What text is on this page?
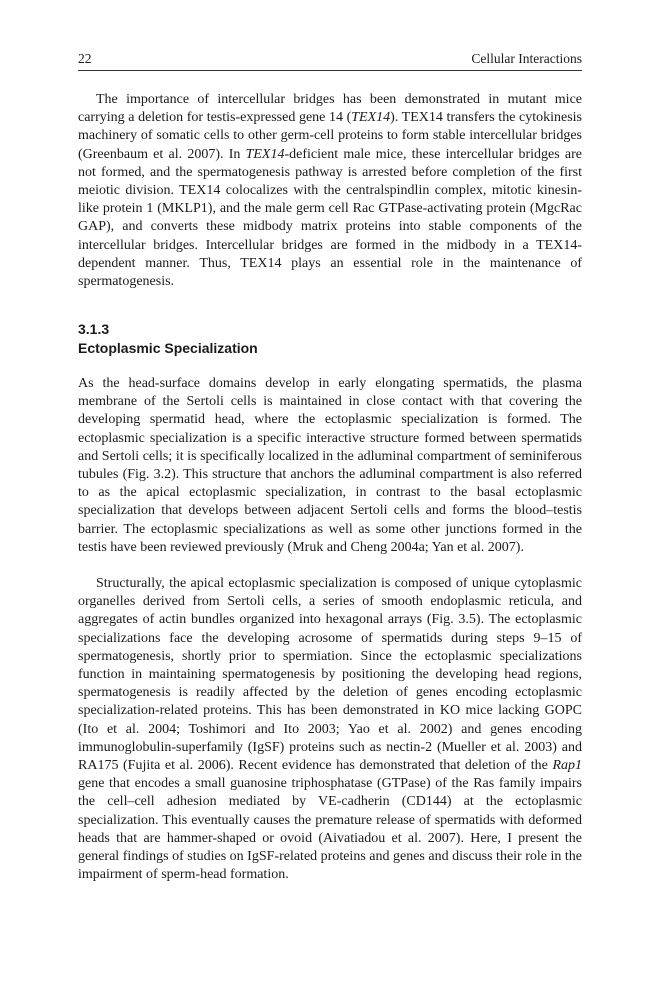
22	Cellular Interactions

The importance of intercellular bridges has been demonstrated in mutant mice carrying a deletion for testis-expressed gene 14 (TEX14). TEX14 transfers the cytokinesis machinery of somatic cells to other germ-cell proteins to form stable intercellular bridges (Greenbaum et al. 2007). In TEX14-deficient male mice, these intercellular bridges are not formed, and the spermatogenesis pathway is arrested before completion of the first meiotic division. TEX14 colocalizes with the centralspindlin complex, mitotic kinesin-like protein 1 (MKLP1), and the male germ cell Rac GTPase-activating protein (MgcRac GAP), and converts these midbody matrix proteins into stable components of the intercellular bridges. Intercellular bridges are formed in the midbody in a TEX14-dependent manner. Thus, TEX14 plays an essential role in the maintenance of spermatogenesis.

3.1.3
Ectoplasmic Specialization

As the head-surface domains develop in early elongating spermatids, the plasma membrane of the Sertoli cells is maintained in close contact with that covering the developing spermatid head, where the ectoplasmic specialization is formed. The ectoplasmic specialization is a specific interactive structure formed between spermatids and Sertoli cells; it is specifically localized in the adluminal compartment of seminiferous tubules (Fig. 3.2). This structure that anchors the adluminal compartment is also referred to as the apical ectoplasmic specialization, in contrast to the basal ectoplasmic specialization that develops between adjacent Sertoli cells and forms the blood–testis barrier. The ectoplasmic specializations as well as some other junctions formed in the testis have been reviewed previously (Mruk and Cheng 2004a; Yan et al. 2007).

Structurally, the apical ectoplasmic specialization is composed of unique cytoplasmic organelles derived from Sertoli cells, a series of smooth endoplasmic reticula, and aggregates of actin bundles organized into hexagonal arrays (Fig. 3.5). The ectoplasmic specializations face the developing acrosome of spermatids during steps 9–15 of spermatogenesis, shortly prior to spermiation. Since the ectoplasmic specializations function in maintaining spermatogenesis by positioning the developing head regions, spermatogenesis is readily affected by the deletion of genes encoding ectoplasmic specialization-related proteins. This has been demonstrated in KO mice lacking GOPC (Ito et al. 2004; Toshimori and Ito 2003; Yao et al. 2002) and genes encoding immunoglobulin-superfamily (IgSF) proteins such as nectin-2 (Mueller et al. 2003) and RA175 (Fujita et al. 2006). Recent evidence has demonstrated that deletion of the Rap1 gene that encodes a small guanosine triphosphatase (GTPase) of the Ras family impairs the cell–cell adhesion mediated by VE-cadherin (CD144) at the ectoplasmic specialization. This eventually causes the premature release of spermatids with deformed heads that are hammer-shaped or ovoid (Aivatiadou et al. 2007). Here, I present the general findings of studies on IgSF-related proteins and genes and discuss their role in the impairment of sperm-head formation.
